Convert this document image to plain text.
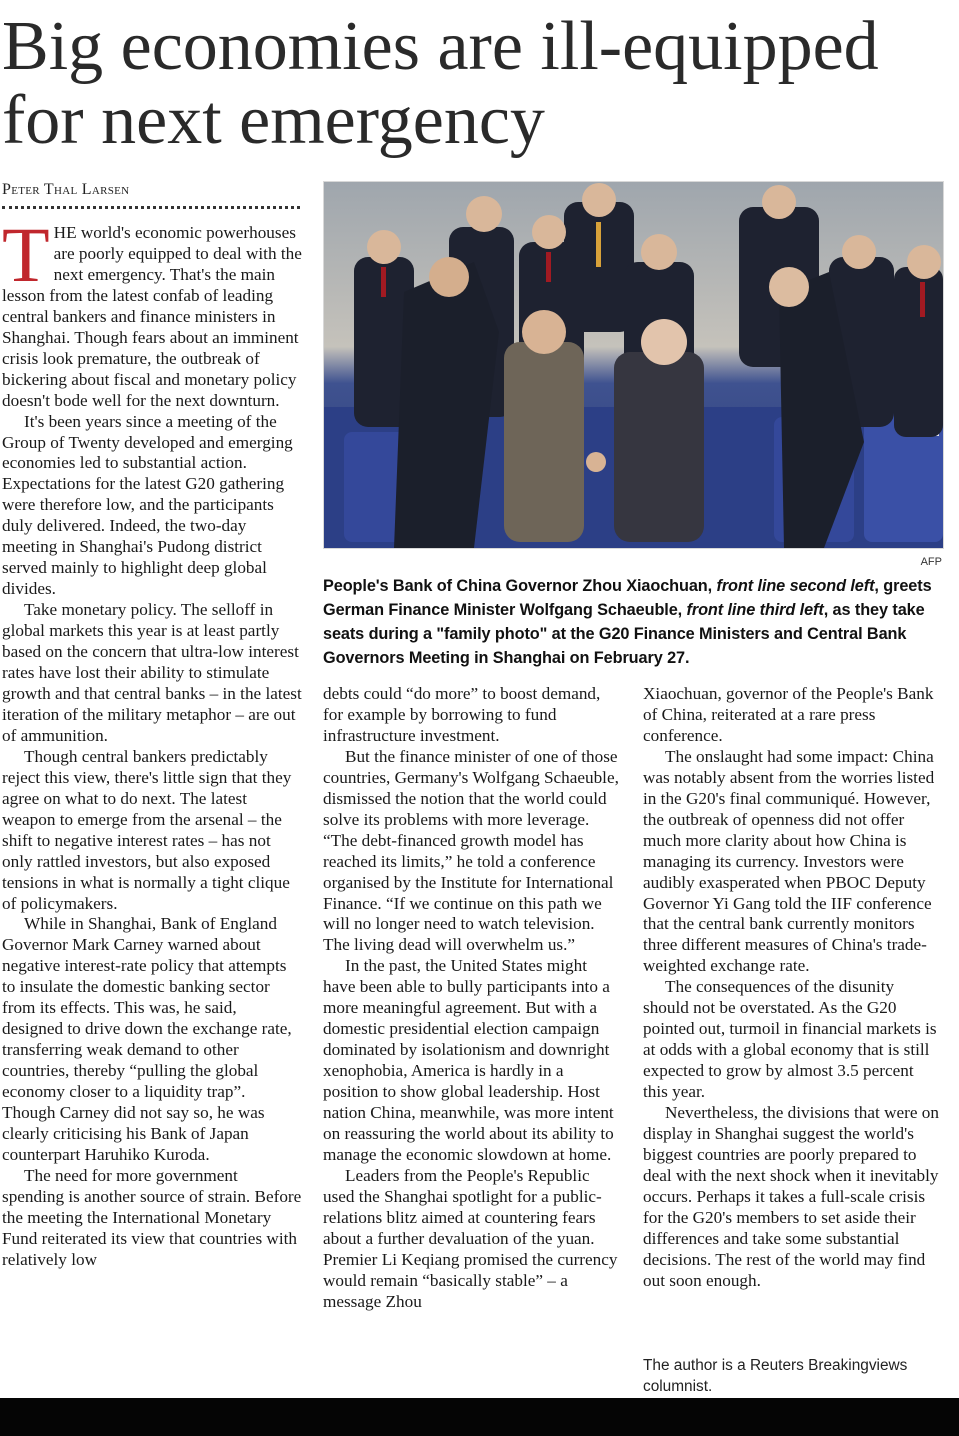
Big economies are ill-equipped
for next emergency
Peter Thal Larsen

THE world's economic powerhouses are poorly equipped to deal with the next emergency. That's the main lesson from the latest confab of leading central bankers and finance ministers in Shanghai. Though fears about an imminent crisis look premature, the outbreak of bickering about fiscal and monetary policy doesn't bode well for the next downturn.

It's been years since a meeting of the Group of Twenty developed and emerging economies led to substantial action. Expectations for the latest G20 gathering were therefore low, and the participants duly delivered. Indeed, the two-day meeting in Shanghai's Pudong district served mainly to highlight deep global divides.

Take monetary policy. The selloff in global markets this year is at least partly based on the concern that ultra-low interest rates have lost their ability to stimulate growth and that central banks – in the latest iteration of the military metaphor – are out of ammunition.

Though central bankers predictably reject this view, there's little sign that they agree on what to do next. The latest weapon to emerge from the arsenal – the shift to negative interest rates – has not only rattled investors, but also exposed tensions in what is normally a tight clique of policymakers.

While in Shanghai, Bank of England Governor Mark Carney warned about negative interest-rate policy that attempts to insulate the domestic banking sector from its effects. This was, he said, designed to drive down the exchange rate, transferring weak demand to other countries, thereby “pulling the global economy closer to a liquidity trap”. Though Carney did not say so, he was clearly criticising his Bank of Japan counterpart Haruhiko Kuroda.

The need for more government spending is another source of strain. Before the meeting the International Monetary Fund reiterated its view that countries with relatively low

AFP
People's Bank of China Governor Zhou Xiaochuan, front line second left, greets German Finance Minister Wolfgang Schaeuble, front line third left, as they take seats during a "family photo" at the G20 Finance Ministers and Central Bank Governors Meeting in Shanghai on February 27.

debts could “do more” to boost demand, for example by borrowing to fund infrastructure investment.

But the finance minister of one of those countries, Germany's Wolfgang Schaeuble, dismissed the notion that the world could solve its problems with more leverage. “The debt-financed growth model has reached its limits,” he told a conference organised by the Institute for International Finance. “If we continue on this path we will no longer need to watch television. The living dead will overwhelm us.”

In the past, the United States might have been able to bully participants into a more meaningful agreement. But with a domestic presidential election campaign dominated by isolationism and downright xenophobia, America is hardly in a position to show global leadership. Host nation China, meanwhile, was more intent on reassuring the world about its ability to manage the economic slowdown at home.

Leaders from the People's Republic used the Shanghai spotlight for a public-relations blitz aimed at countering fears about a further devaluation of the yuan. Premier Li Keqiang promised the currency would remain “basically stable” – a message Zhou

Xiaochuan, governor of the People's Bank of China, reiterated at a rare press conference.

The onslaught had some impact: China was notably absent from the worries listed in the G20's final communiqué. However, the outbreak of openness did not offer much more clarity about how China is managing its currency. Investors were audibly exasperated when PBOC Deputy Governor Yi Gang told the IIF conference that the central bank currently monitors three different measures of China's trade-weighted exchange rate.

The consequences of the disunity should not be overstated. As the G20 pointed out, turmoil in financial markets is at odds with a global economy that is still expected to grow by almost 3.5 percent this year.

Nevertheless, the divisions that were on display in Shanghai suggest the world's biggest countries are poorly prepared to deal with the next shock when it inevitably occurs. Perhaps it takes a full-scale crisis for the G20's members to set aside their differences and take some substantial decisions. The rest of the world may find out soon enough.

The author is a Reuters Breakingviews columnist.
